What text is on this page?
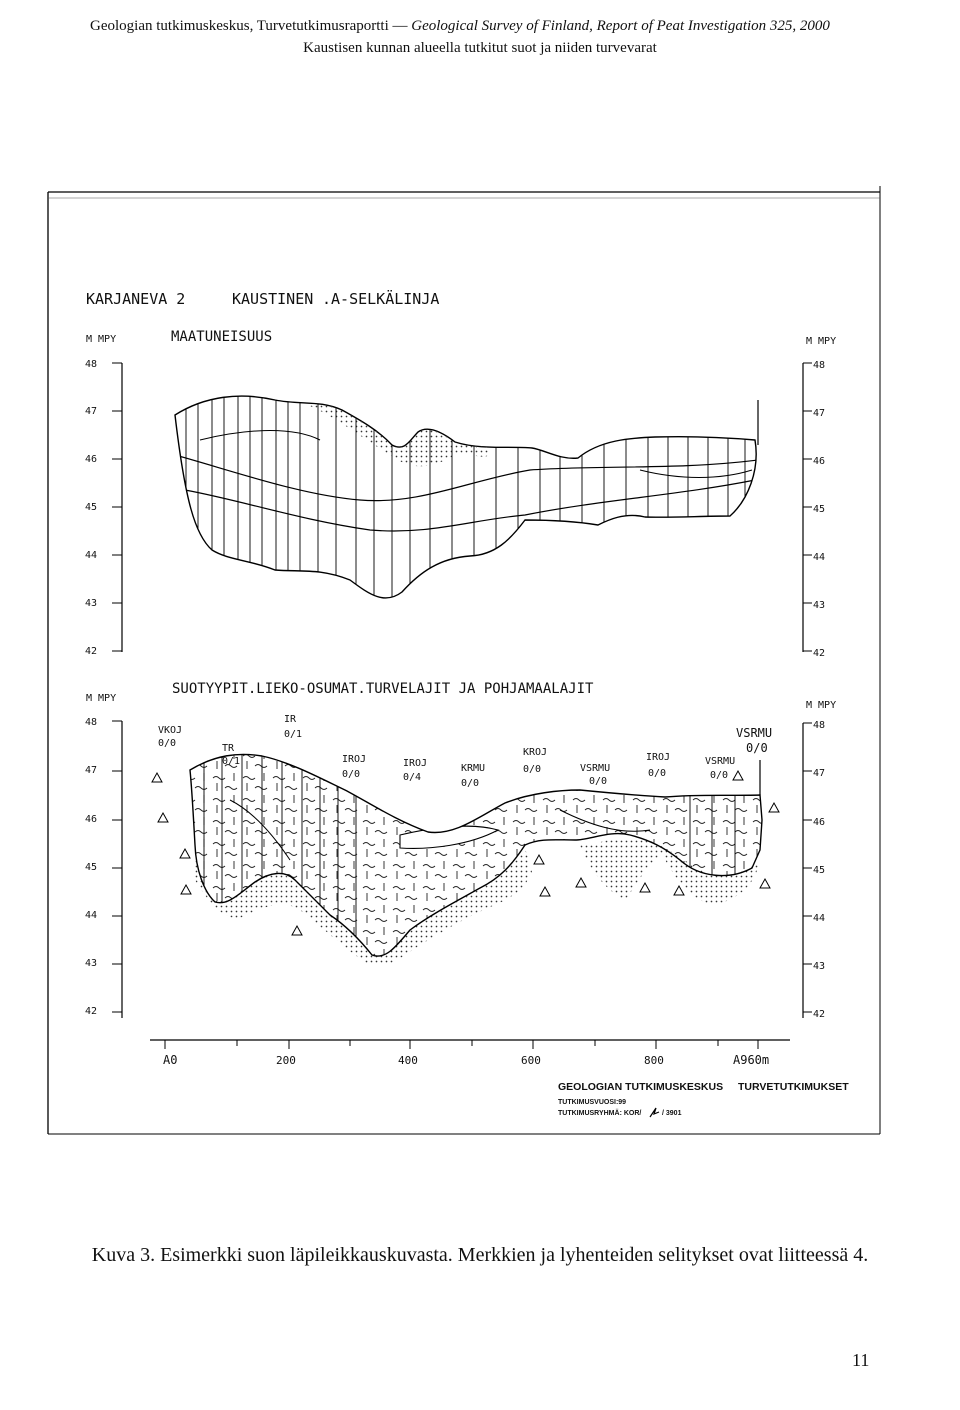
Geologian tutkimuskeskus, Turvetutkimusraportti — Geological Survey of Finland, Report of Peat Investigation 325, 2000
Kaustisen kunnan alueella tutkitut suot ja niiden turvevarat
KARJANEVA 2	KAUSTINEN .A-SELKÄLINJA
M MPY	M MPY
MAATUNEISUUS
48
47
46
45
44
43
42
48
47
46
45
44
43
42
SUOTYYPIT.LIEKO-OSUMAT.TURVELAJIT JA POHJAMAALAJIT
M MPY
M MPY
48
47
46
45
44
43
42
48
47
46
45
44
43
42
VKOJ
0/0	TR
IR
0/1
IROJ
0/0
IROJ
0/4
KRMU
0/0
KROJ
0/0	VSRMU
0/0
IROJ
0/0
VSRMU
0/0
VSRMU
0/0
A0	200	400	600	800	A960m
GEOLOGIAN TUTKIMUSKESKUS TURVETUTKIMUKSET
TUTKIMUSVUOSI:99
TUTKIMUSRYHMÄ: KOR/	/ 3901
Kuva 3. Esimerkki suon läpileikkauskuvasta. Merkkien ja lyhenteiden selitykset ovat liitteessä 4.
11
